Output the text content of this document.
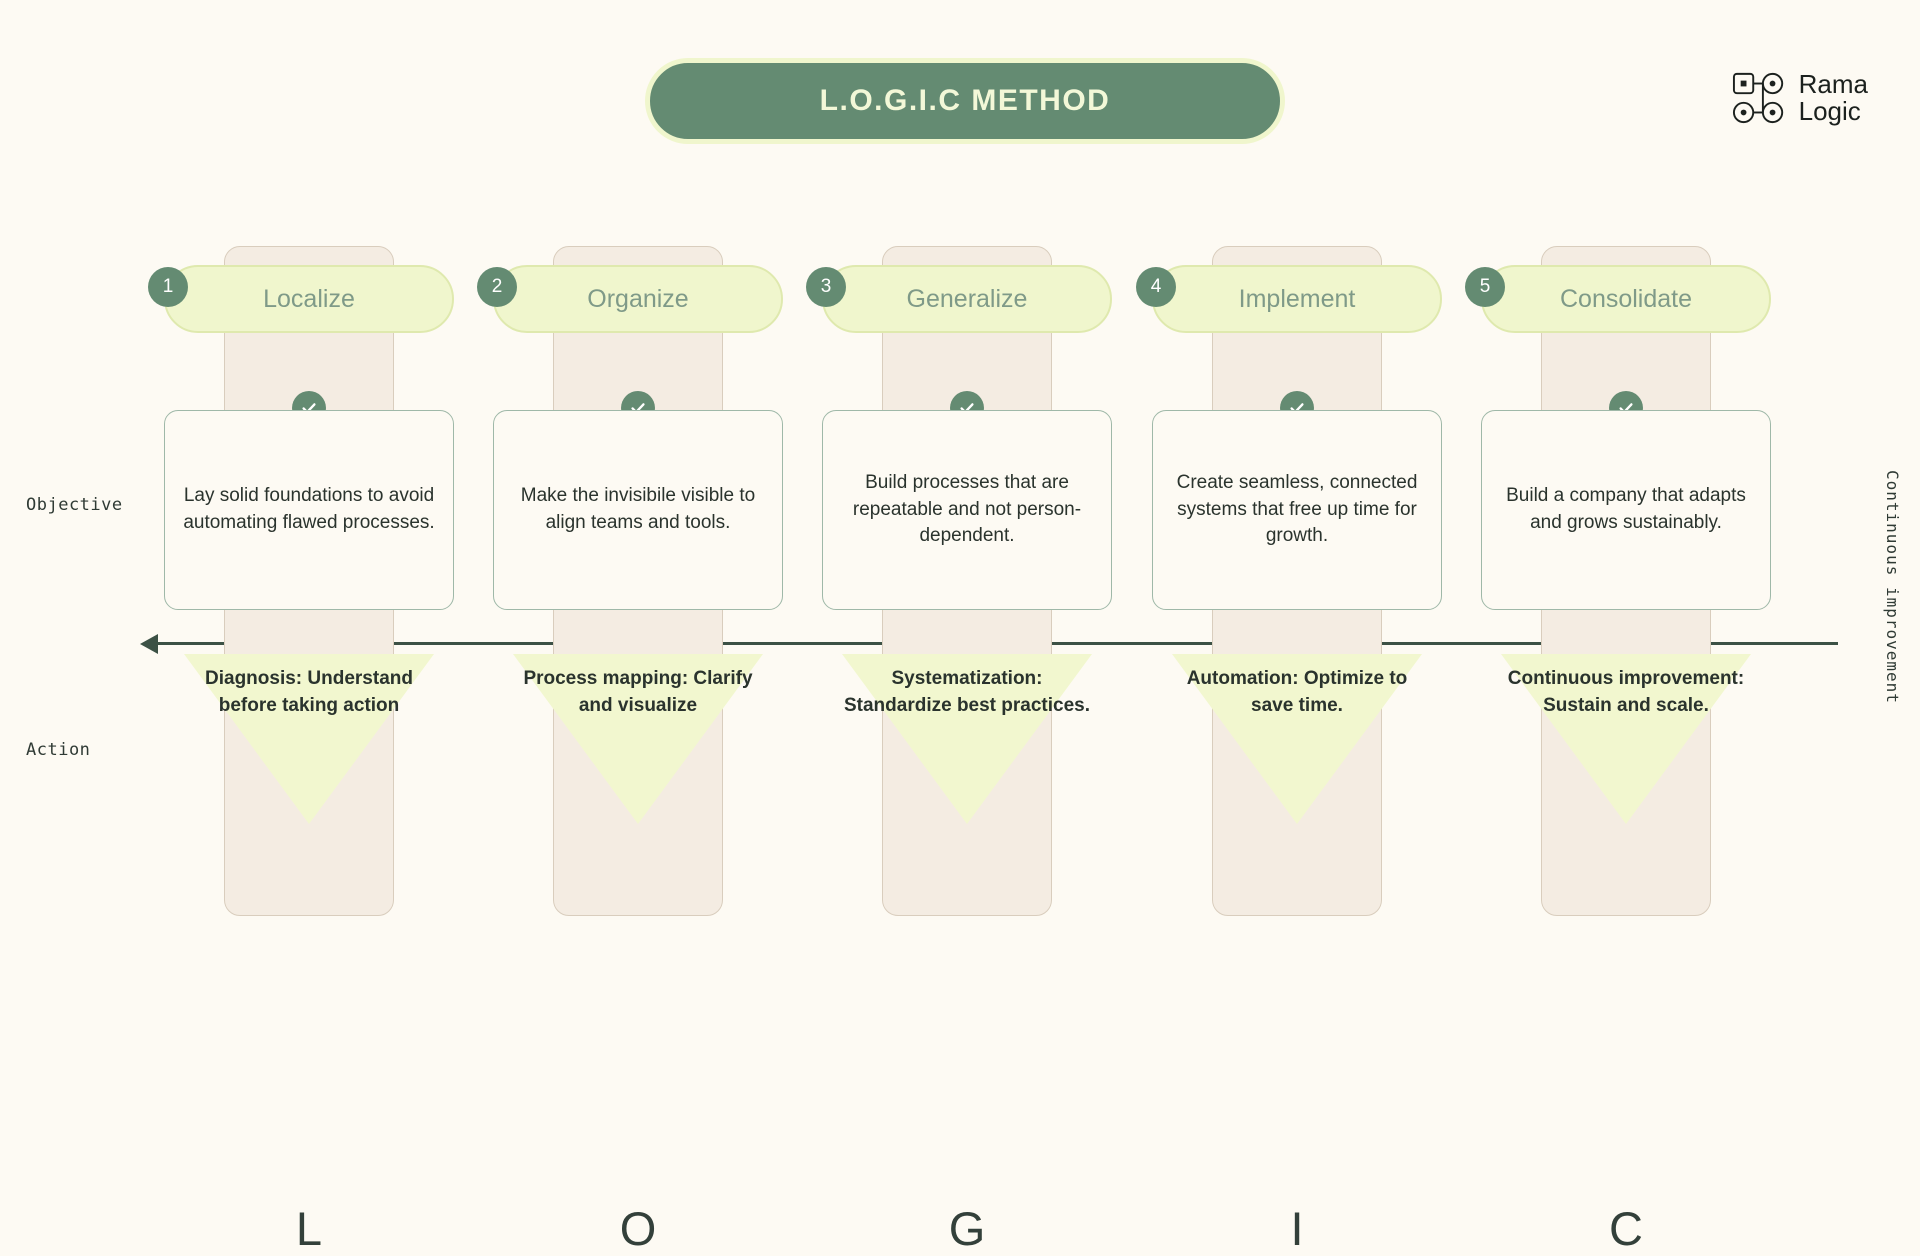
L.O.G.I.C METHOD
Rama
Logic
Objective
Action
Continuous improvement
Localize
1

Lay solid foundations to avoid automating flawed processes.

Diagnosis: Understand before taking action
L
Organize
2

Make the invisibile visible to align teams and tools.

Process mapping: Clarify and visualize
O
Generalize
3

Build processes that are repeatable and not person-dependent.

Systematization: Standardize best practices.
G
Implement
4

Create seamless, connected systems that free up time for growth.

Automation: Optimize to save time.
I
Consolidate
5

Build a company that adapts and grows sustainably.

Continuous improvement: Sustain and scale.
C
